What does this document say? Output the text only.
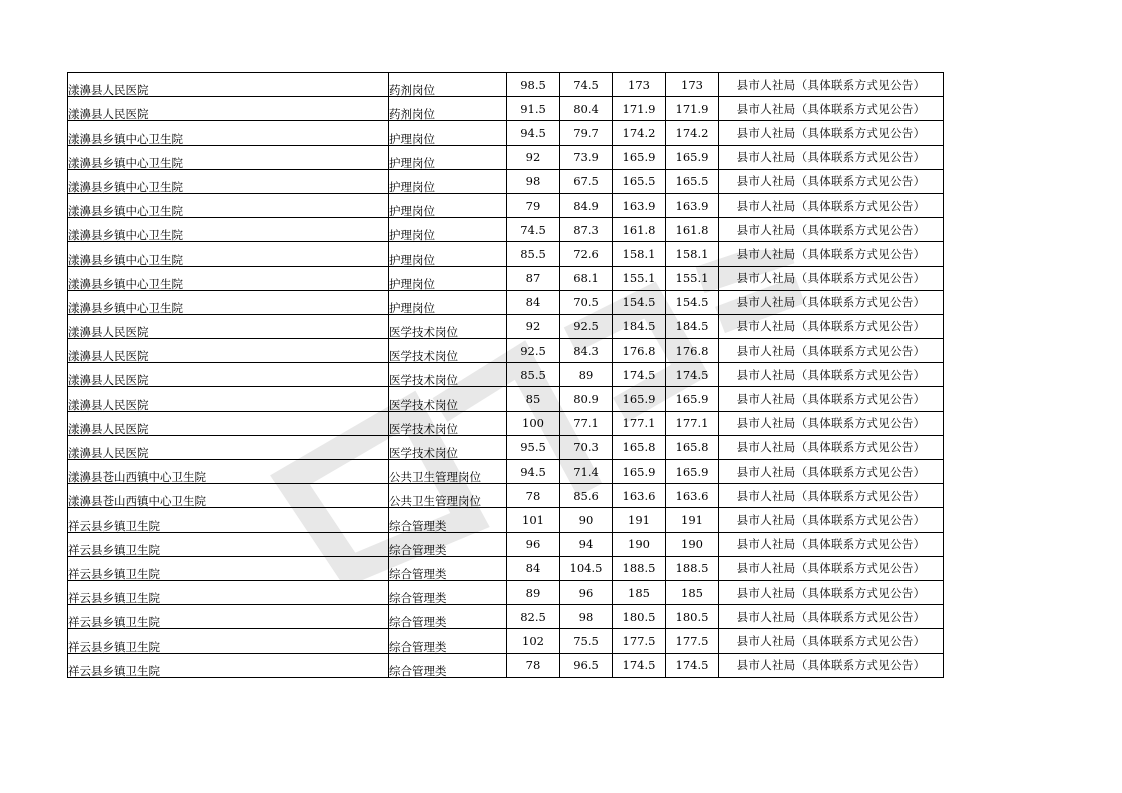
漾濞县人民医院	药剂岗位	98.5	74.5	173	173	县市人社局（具体联系方式见公告）
漾濞县人民医院	药剂岗位	91.5	80.4	171.9	171.9	县市人社局（具体联系方式见公告）
漾濞县乡镇中心卫生院	护理岗位	94.5	79.7	174.2	174.2	县市人社局（具体联系方式见公告）
漾濞县乡镇中心卫生院	护理岗位	92	73.9	165.9	165.9	县市人社局（具体联系方式见公告）
漾濞县乡镇中心卫生院	护理岗位	98	67.5	165.5	165.5	县市人社局（具体联系方式见公告）
漾濞县乡镇中心卫生院	护理岗位	79	84.9	163.9	163.9	县市人社局（具体联系方式见公告）
漾濞县乡镇中心卫生院	护理岗位	74.5	87.3	161.8	161.8	县市人社局（具体联系方式见公告）
漾濞县乡镇中心卫生院	护理岗位	85.5	72.6	158.1	158.1	县市人社局（具体联系方式见公告）
漾濞县乡镇中心卫生院	护理岗位	87	68.1	155.1	155.1	县市人社局（具体联系方式见公告）
漾濞县乡镇中心卫生院	护理岗位	84	70.5	154.5	154.5	县市人社局（具体联系方式见公告）
漾濞县人民医院	医学技术岗位	92	92.5	184.5	184.5	县市人社局（具体联系方式见公告）
漾濞县人民医院	医学技术岗位	92.5	84.3	176.8	176.8	县市人社局（具体联系方式见公告）
漾濞县人民医院	医学技术岗位	85.5	89	174.5	174.5	县市人社局（具体联系方式见公告）
漾濞县人民医院	医学技术岗位	85	80.9	165.9	165.9	县市人社局（具体联系方式见公告）
漾濞县人民医院	医学技术岗位	100	77.1	177.1	177.1	县市人社局（具体联系方式见公告）
漾濞县人民医院	医学技术岗位	95.5	70.3	165.8	165.8	县市人社局（具体联系方式见公告）
漾濞县苍山西镇中心卫生院	公共卫生管理岗位	94.5	71.4	165.9	165.9	县市人社局（具体联系方式见公告）
漾濞县苍山西镇中心卫生院	公共卫生管理岗位	78	85.6	163.6	163.6	县市人社局（具体联系方式见公告）
祥云县乡镇卫生院	综合管理类	101	90	191	191	县市人社局（具体联系方式见公告）
祥云县乡镇卫生院	综合管理类	96	94	190	190	县市人社局（具体联系方式见公告）
祥云县乡镇卫生院	综合管理类	84	104.5	188.5	188.5	县市人社局（具体联系方式见公告）
祥云县乡镇卫生院	综合管理类	89	96	185	185	县市人社局（具体联系方式见公告）
祥云县乡镇卫生院	综合管理类	82.5	98	180.5	180.5	县市人社局（具体联系方式见公告）
祥云县乡镇卫生院	综合管理类	102	75.5	177.5	177.5	县市人社局（具体联系方式见公告）
祥云县乡镇卫生院	综合管理类	78	96.5	174.5	174.5	县市人社局（具体联系方式见公告）
